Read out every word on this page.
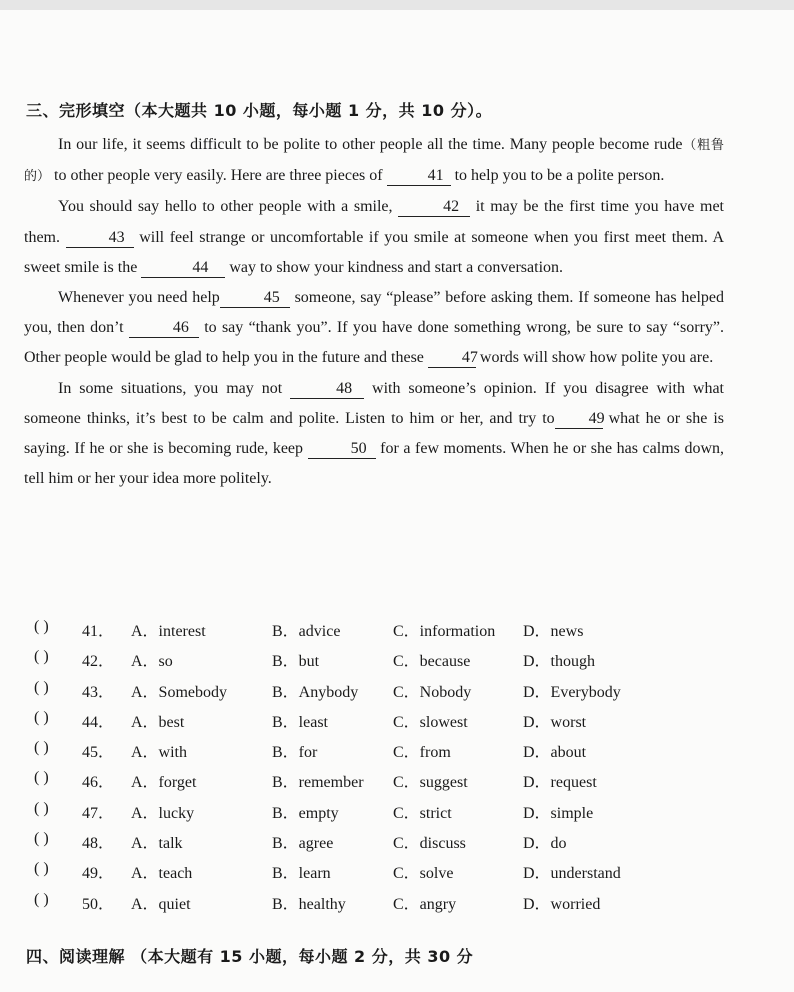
三、完形填空（本大题共 10 小题，每小题 1 分，共 10 分）。

In our life, it seems difficult to be polite to other people all the time. Many people become rude（粗鲁的） to other people very easily. Here are three pieces of	41 to help you to be a polite person.

You should say hello to other people with a smile,	42 it may be the first time you have met them.	43 will feel strange or uncomfortable if you smile at someone when you first meet them. A sweet smile is the	44 way to show your kindness and start a conversation.

Whenever you need help	45 someone, say “please” before asking them. If someone has helped you, then don’t	46 to say “thank you”. If you have done something wrong, be sure to say “sorry”. Other people would be glad to help you in the future and these 47 words will show how polite you are.

In some situations, you may not	48 with someone’s opinion. If you disagree with what someone thinks, it’s best to be calm and polite. Listen to him or her, and try to 49 what he or she is saying. If he or she is becoming rude, keep	50 for a few moments. When he or she has calms down, tell him or her your idea more politely.

( ) 41． A．interest	B．advice	C．information D．news
( ) 42． A．so	B．but	C．because	D．though
( ) 43． A．Somebody	B．Anybody C．Nobody	D．Everybody
( ) 44． A．best	B．least	C．slowest	D．worst
( ) 45． A．with	B．for	C．from	D．about
( ) 46． A．forget	B．remember C．suggest	D．request
( ) 47． A．lucky	B．empty	C．strict	D．simple
( ) 48． A．talk	B．agree	C．discuss	D．do
( ) 49． A．teach	B．learn	C．solve	D．understand
( ) 50． A．quiet	B．healthy	C．angry	D．worried
四、阅读理解 （本大题有 15 小题，每小题 2 分，共 30 分
